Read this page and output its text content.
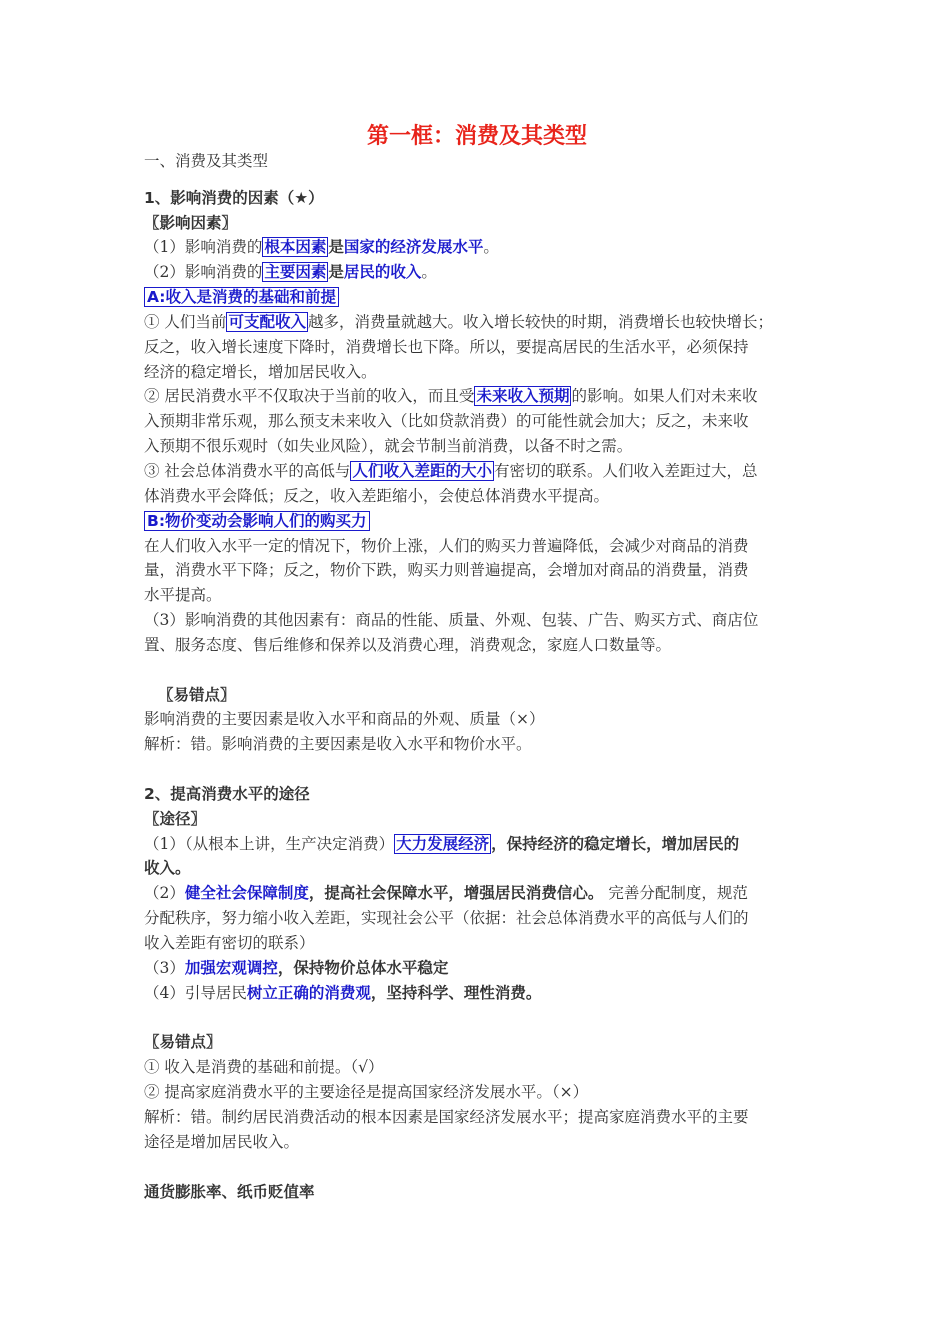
第一框：消费及其类型
一、消费及其类型
1、影响消费的因素（★）
〖影响因素〗
（1）影响消费的 根本因素 是国家的经济发展水平。
（2）影响消费的 主要因素 是居民的收入。
A:收入是消费的基础和前提
① 人们当前 可支配收入 越多，消费量就越大。收入增长较快的时期，消费增长也较快增长；
反之，收入增长速度下降时，消费增长也下降。所以，要提高居民的生活水平，必须保持
经济的稳定增长，增加居民收入。
② 居民消费水平不仅取决于当前的收入，而且受 未来收入预期 的影响。如果人们对未来收
入预期非常乐观，那么预支未来收入（比如贷款消费）的可能性就会加大；反之，未来收
入预期不很乐观时（如失业风险），就会节制当前消费，以备不时之需。
③ 社会总体消费水平的高低与 人们收入差距的大小 有密切的联系。人们收入差距过大，总
体消费水平会降低；反之，收入差距缩小，会使总体消费水平提高。
B:物价变动会影响人们的购买力
在人们收入水平一定的情况下，物价上涨，人们的购买力普遍降低，会减少对商品的消费
量，消费水平下降；反之，物价下跌，购买力则普遍提高，会增加对商品的消费量，消费
水平提高。
（3）影响消费的其他因素有：商品的性能、质量、外观、包装、广告、购买方式、商店位
置、服务态度、售后维修和保养以及消费心理，消费观念，家庭人口数量等。
〖易错点〗
影响消费的主要因素是收入水平和商品的外观、质量（×）
解析：错。影响消费的主要因素是收入水平和物价水平。
2、提高消费水平的途径
〖途径〗
（1）（从根本上讲，生产决定消费） 大力发展经济 ，保持经济的稳定增长，增加居民的
收入。
（2）健全社会保障制度，提高社会保障水平，增强居民消费信心。 完善分配制度，规范
分配秩序，努力缩小收入差距，实现社会公平（依据：社会总体消费水平的高低与人们的
收入差距有密切的联系）
（3）加强宏观调控，保持物价总体水平稳定
（4）引导居民树立正确的消费观，坚持科学、理性消费。
〖易错点〗
① 收入是消费的基础和前提。（√）
② 提高家庭消费水平的主要途径是提高国家经济发展水平。（×）
解析：错。制约居民消费活动的根本因素是国家经济发展水平；提高家庭消费水平的主要
途径是增加居民收入。
通货膨胀率、纸币贬值率
